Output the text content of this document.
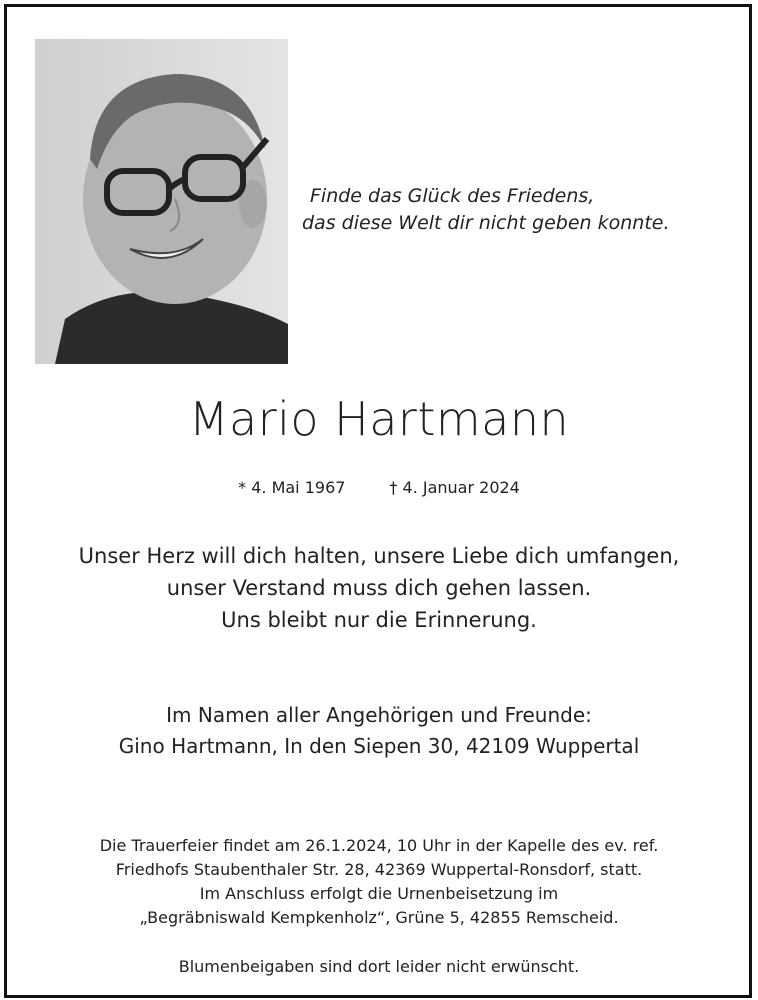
Finde das Glück des Friedens,
das diese Welt dir nicht geben konnte.
Mario Hartmann
* 4. Mai 1967	† 4. Januar 2024
Unser Herz will dich halten, unsere Liebe dich umfangen,
unser Verstand muss dich gehen lassen.
Uns bleibt nur die Erinnerung.
Im Namen aller Angehörigen und Freunde:
Gino Hartmann, In den Siepen 30, 42109 Wuppertal
Die Trauerfeier findet am 26.1.2024, 10 Uhr in der Kapelle des ev. ref.
Friedhofs Staubenthaler Str. 28, 42369 Wuppertal-Ronsdorf, statt.
Im Anschluss erfolgt die Urnenbeisetzung im
„Begräbniswald Kempkenholz“, Grüne 5, 42855 Remscheid.
Blumenbeigaben sind dort leider nicht erwünscht.
